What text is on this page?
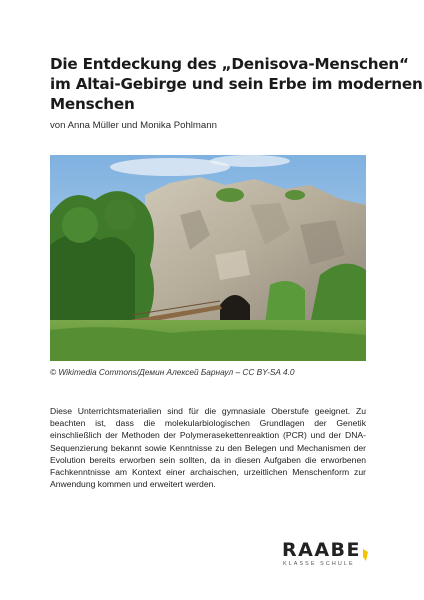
Die Entdeckung des „Denisova-Menschen“
im Altai-Gebirge und sein Erbe im modernen
Menschen
von Anna Müller und Monika Pohlmann
© Wikimedia Commons/Демин Алексей Барнаул – CC BY-SA 4.0

Diese Unterrichtsmaterialien sind für die gymnasiale Oberstufe geeignet. Zu beachten ist, dass die molekularbiologischen Grundlagen der Genetik einschließlich der Methoden der Polymerasekettenreaktion (PCR) und der DNA-Sequenzierung bekannt sowie Kenntnisse zu den Belegen und Mechanismen der Evolution bereits erworben sein sollten, da in diesen Aufgaben die erworbenen Fachkenntnisse am Kontext einer archaischen, urzeitlichen Menschenform zur Anwendung kommen und erweitert werden.

RAABE
KLASSE SCHULE
